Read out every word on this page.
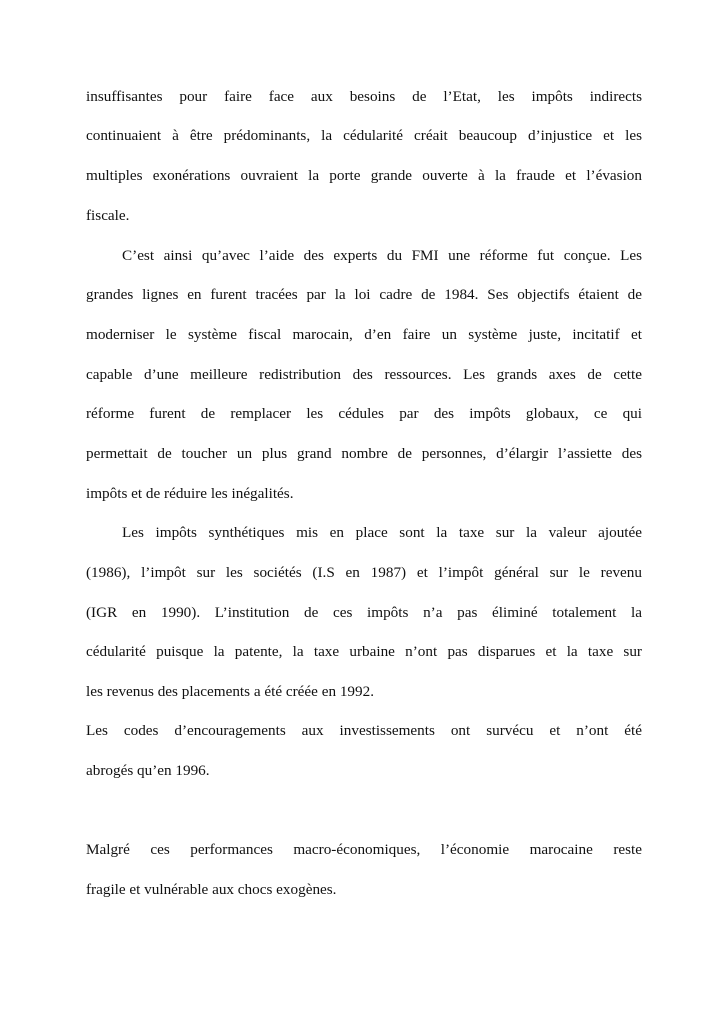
insuffisantes pour faire face aux besoins de l’Etat, les impôts indirects
continuaient à être prédominants, la cédularité créait beaucoup d’injustice et les
multiples exonérations ouvraient la porte grande ouverte à la fraude et l’évasion
fiscale.
C’est ainsi qu’avec l’aide des experts du FMI une réforme fut conçue. Les
grandes lignes en furent tracées par la loi cadre de 1984. Ses objectifs étaient de
moderniser le système fiscal marocain, d’en faire un système juste, incitatif et
capable d’une meilleure redistribution des ressources. Les grands axes de cette
réforme furent de remplacer les cédules par des impôts globaux, ce qui
permettait de toucher un plus grand nombre de personnes, d’élargir l’assiette des
impôts et de réduire les inégalités.
Les impôts synthétiques mis en place sont la taxe sur la valeur ajoutée
(1986), l’impôt sur les sociétés (I.S en 1987) et l’impôt général sur le revenu
(IGR en 1990). L’institution de ces impôts n’a pas éliminé totalement la
cédularité puisque la patente, la taxe urbaine n’ont pas disparues et la taxe sur
les revenus des placements a été créée en 1992.
Les codes d’encouragements aux investissements ont survécu et n’ont été
abrogés qu’en 1996.
Malgré ces performances macro-économiques, l’économie marocaine reste
fragile et vulnérable aux chocs exogènes.
